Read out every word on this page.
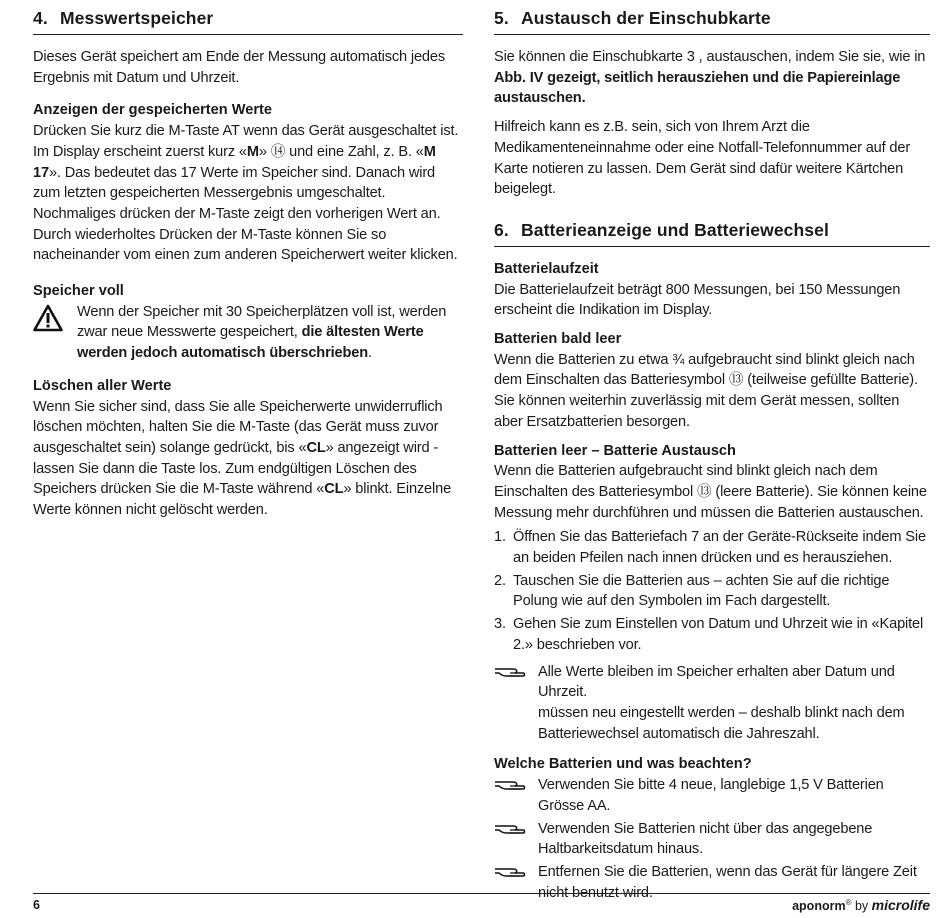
4. Messwertspeicher

Dieses Gerät speichert am Ende der Messung automatisch jedes Ergebnis mit Datum und Uhrzeit.

Anzeigen der gespeicherten Werte

Drücken Sie kurz die M-Taste AT wenn das Gerät ausgeschaltet ist. Im Display erscheint zuerst kurz «M» ⑭ und eine Zahl, z. B. «M 17». Das bedeutet das 17 Werte im Speicher sind. Danach wird zum letzten gespeicherten Messergebnis umgeschaltet. Nochmaliges drücken der M-Taste zeigt den vorherigen Wert an. Durch wiederholtes Drücken der M-Taste können Sie so nacheinander vom einen zum anderen Speicherwert weiter klicken.

Speicher voll

Wenn der Speicher mit 30 Speicherplätzen voll ist, werden zwar neue Messwerte gespeichert, die ältesten Werte werden jedoch automatisch überschrieben.

Löschen aller Werte

Wenn Sie sicher sind, dass Sie alle Speicherwerte unwiderruflich löschen möchten, halten Sie die M-Taste (das Gerät muss zuvor ausgeschaltet sein) solange gedrückt, bis «CL» angezeigt wird - lassen Sie dann die Taste los. Zum endgültigen Löschen des Speichers drücken Sie die M-Taste während «CL» blinkt. Einzelne Werte können nicht gelöscht werden.

5. Austausch der Einschubkarte

Sie können die Einschubkarte 3 , austauschen, indem Sie sie, wie in Abb. IV gezeigt, seitlich herausziehen und die Papiereinlage austauschen.

Hilfreich kann es z.B. sein, sich von Ihrem Arzt die Medikamenteneinnahme oder eine Notfall-Telefonnummer auf der Karte notieren zu lassen. Dem Gerät sind dafür weitere Kärtchen beigelegt.

6. Batterieanzeige und Batteriewechsel
Batterielaufzeit

Die Batterielaufzeit beträgt 800 Messungen, bei 150 Messungen erscheint die Indikation im Display.

Batterien bald leer

Wenn die Batterien zu etwa ¾ aufgebraucht sind blinkt gleich nach dem Einschalten das Batteriesymbol ⑬ (teilweise gefüllte Batterie). Sie können weiterhin zuverlässig mit dem Gerät messen, sollten aber Ersatzbatterien besorgen.

Batterien leer – Batterie Austausch

Wenn die Batterien aufgebraucht sind blinkt gleich nach dem Einschalten des Batteriesymbol ⑬ (leere Batterie). Sie können keine Messung mehr durchführen und müssen die Batterien austauschen.

1. Öffnen Sie das Batteriefach 7 an der Geräte-Rückseite indem Sie an beiden Pfeilen nach innen drücken und es herausziehen.
2. Tauschen Sie die Batterien aus – achten Sie auf die richtige Polung wie auf den Symbolen im Fach dargestellt.
3. Gehen Sie zum Einstellen von Datum und Uhrzeit wie in «Kapitel 2.» beschrieben vor.
Alle Werte bleiben im Speicher erhalten aber Datum und Uhrzeit.
müssen neu eingestellt werden – deshalb blinkt nach dem Batteriewechsel automatisch die Jahreszahl.
Welche Batterien und was beachten?
Verwenden Sie bitte 4 neue, langlebige 1,5 V Batterien Grösse AA.
Verwenden Sie Batterien nicht über das angegebene Haltbarkeitsdatum hinaus.
Entfernen Sie die Batterien, wenn das Gerät für längere Zeit nicht benutzt wird.
6	aponorm® by microlife
